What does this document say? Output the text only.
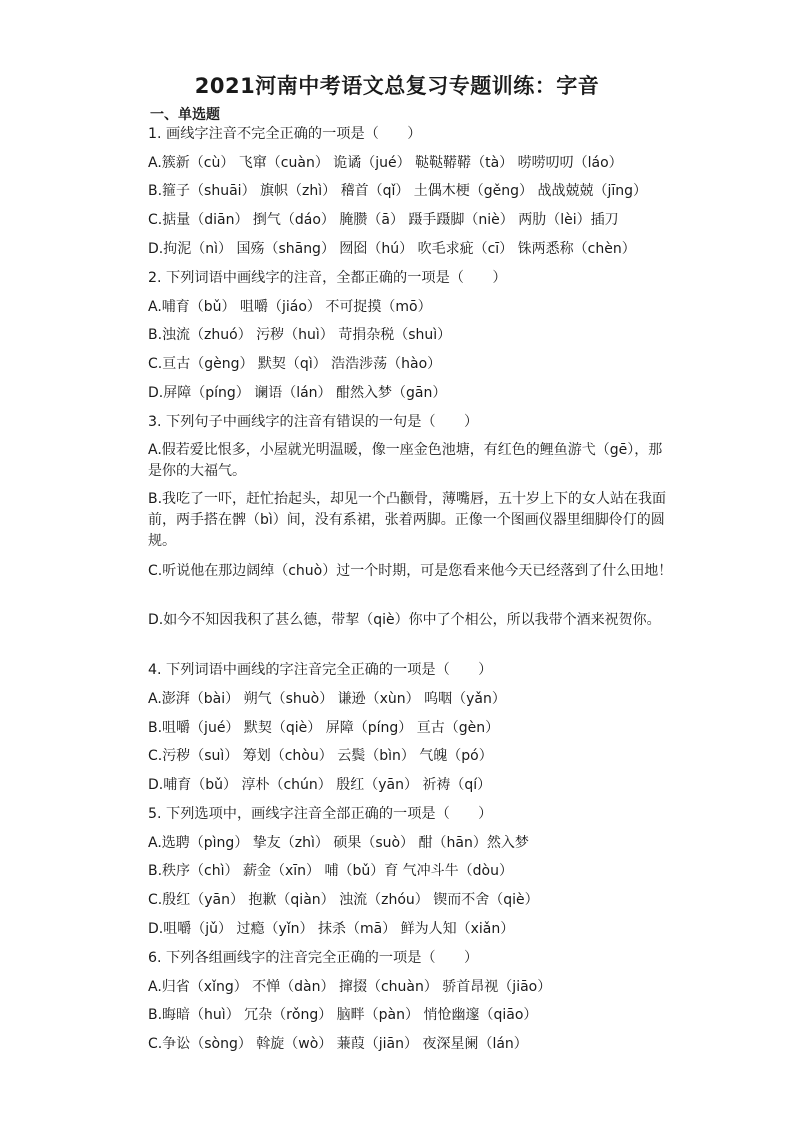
2021河南中考语文总复习专题训练：字音
一、单选题
1. 画线字注音不完全正确的一项是（　　）
A.簇新（cù） 飞窜（cuàn） 诡谲（jué） 鞑鞑鞯鞯（tà） 唠唠叨叨（láo）
B.箍子（shuāi） 旗帜（zhì） 稽首（qǐ） 土偶木梗（gěng） 战战兢兢（jīng）
C.掂量（diān） 捯气（dáo） 腌臜（ā） 蹑手蹑脚（niè） 两肋（lèi）插刀
D.拘泥（nì） 国殇（shāng） 囫囵（hú） 吹毛求疵（cī） 铢两悉称（chèn）
2. 下列词语中画线字的注音，全都正确的一项是（　　）
A.哺育（bǔ） 咀嚼（jiáo） 不可捉摸（mō）
B.浊流（zhuó） 污秽（huì） 苛捐杂税（shuì）
C.亘古（gèng） 默契（qì） 浩浩涉荡（hào）
D.屏障（píng） 谰语（lán） 酣然入梦（gān）
3. 下列句子中画线字的注音有错误的一句是（　　）
A.假若爱比恨多，小屋就光明温暖，像一座金色池塘，有红色的鲤鱼游弋（gē），那是你的大福气。
B.我吃了一吓，赶忙抬起头，却见一个凸颧骨，薄嘴唇，五十岁上下的女人站在我面前，两手搭在髀（bì）间，没有系裙，张着两脚。正像一个图画仪器里细脚伶仃的圆规。
C.听说他在那边阔绰（chuò）过一个时期，可是您看来他今天已经落到了什么田地！
D.如今不知因我积了甚么德，带挈（qiè）你中了个相公，所以我带个酒来祝贺你。
4. 下列词语中画线的字注音完全正确的一项是（　　）
A.澎湃（bài） 朔气（shuò） 谦逊（xùn） 呜咽（yǎn）
B.咀嚼（jué） 默契（qiè） 屏障（píng） 亘古（gèn）
C.污秽（suì） 筹划（chòu） 云鬓（bìn） 气魄（pó）
D.哺育（bǔ） 淳朴（chún） 殷红（yān） 祈祷（qí）
5. 下列选项中，画线字注音全部正确的一项是（　　）
A.选聘（pìng） 挚友（zhì） 硕果（suò） 酣（hān）然入梦
B.秩序（chì） 薪金（xīn） 哺（bǔ）育 气冲斗牛（dòu）
C.殷红（yān） 抱歉（qiàn） 浊流（zhóu） 锲而不舍（qiè）
D.咀嚼（jǔ） 过瘾（yǐn） 抹杀（mā） 鲜为人知（xiǎn）
6. 下列各组画线字的注音完全正确的一项是（　　）
A.归省（xǐng） 不惮（dàn） 撺掇（chuàn） 骄首昂视（jiāo）
B.晦暗（huì） 冗杂（rǒng） 脑畔（pàn） 悄怆幽邃（qiāo）
C.争讼（sòng） 斡旋（wò） 蒹葭（jiān） 夜深星阑（lán）
